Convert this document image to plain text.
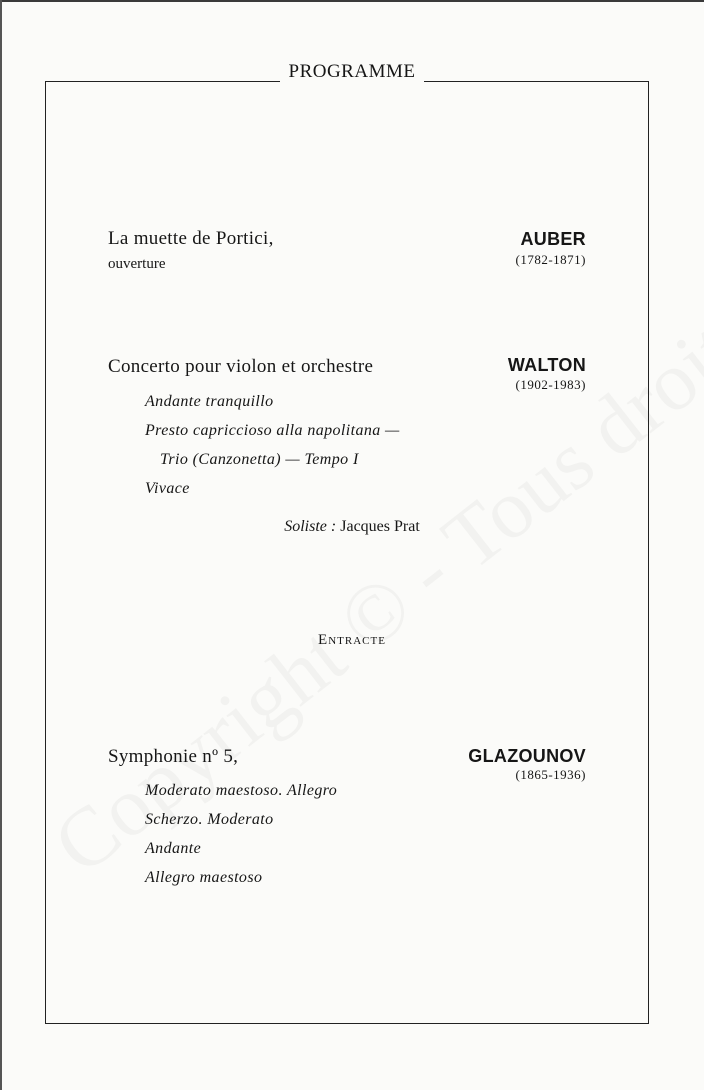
PROGRAMME
La muette de Portici,
ouverture
AUBER
(1782-1871)
Concerto pour violon et orchestre	WALTON
(1902-1983)
Andante tranquillo
Presto capriccioso alla napolitana —
Trio (Canzonetta) — Tempo I
Vivace
Soliste : Jacques Prat
Entracte
Symphonie nº 5,	GLAZOUNOV
(1865-1936)
Moderato maestoso. Allegro
Scherzo. Moderato
Andante
Allegro maestoso
